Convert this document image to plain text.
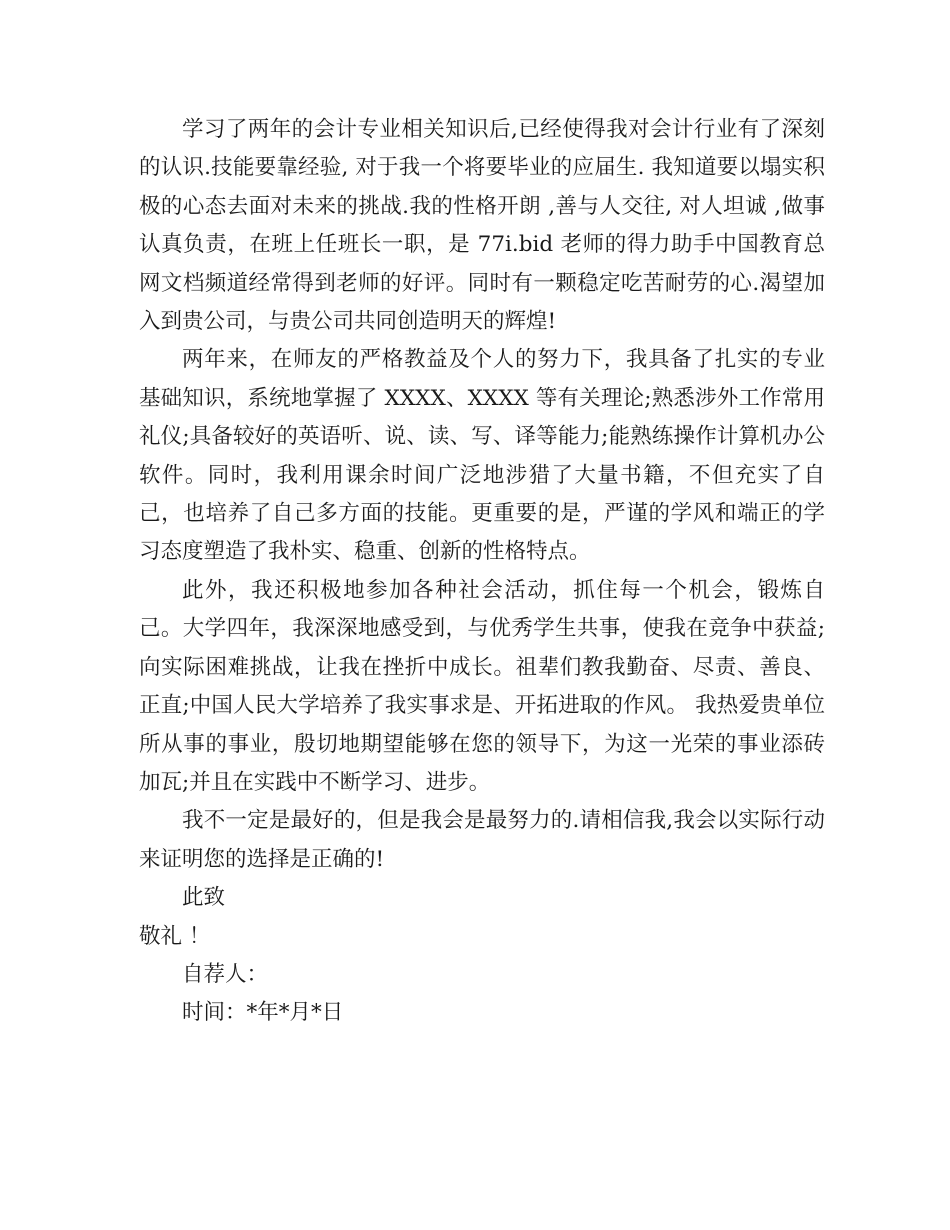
学习了两年的会计专业相关知识后,已经使得我对会计行业有了深刻的认识.技能要靠经验, 对于我一个将要毕业的应届生. 我知道要以塌实积极的心态去面对未来的挑战.我的性格开朗 ,善与人交往, 对人坦诚 ,做事认真负责，在班上任班长一职，是 77i.bid 老师的得力助手中国教育总网文档频道经常得到老师的好评。同时有一颗稳定吃苦耐劳的心.渴望加入到贵公司，与贵公司共同创造明天的辉煌!

两年来，在师友的严格教益及个人的努力下，我具备了扎实的专业基础知识，系统地掌握了 XXXX、XXXX 等有关理论;熟悉涉外工作常用礼仪;具备较好的英语听、说、读、写、译等能力;能熟练操作计算机办公软件。同时，我利用课余时间广泛地涉猎了大量书籍，不但充实了自己，也培养了自己多方面的技能。更重要的是，严谨的学风和端正的学习态度塑造了我朴实、稳重、创新的性格特点。

此外，我还积极地参加各种社会活动，抓住每一个机会，锻炼自己。大学四年，我深深地感受到，与优秀学生共事，使我在竞争中获益;向实际困难挑战，让我在挫折中成长。祖辈们教我勤奋、尽责、善良、正直;中国人民大学培养了我实事求是、开拓进取的作风。 我热爱贵单位所从事的事业，殷切地期望能够在您的领导下，为这一光荣的事业添砖加瓦;并且在实践中不断学习、进步。

我不一定是最好的，但是我会是最努力的.请相信我,我会以实际行动来证明您的选择是正确的!

此致

敬礼 ！

自荐人：

时间：*年*月*日
